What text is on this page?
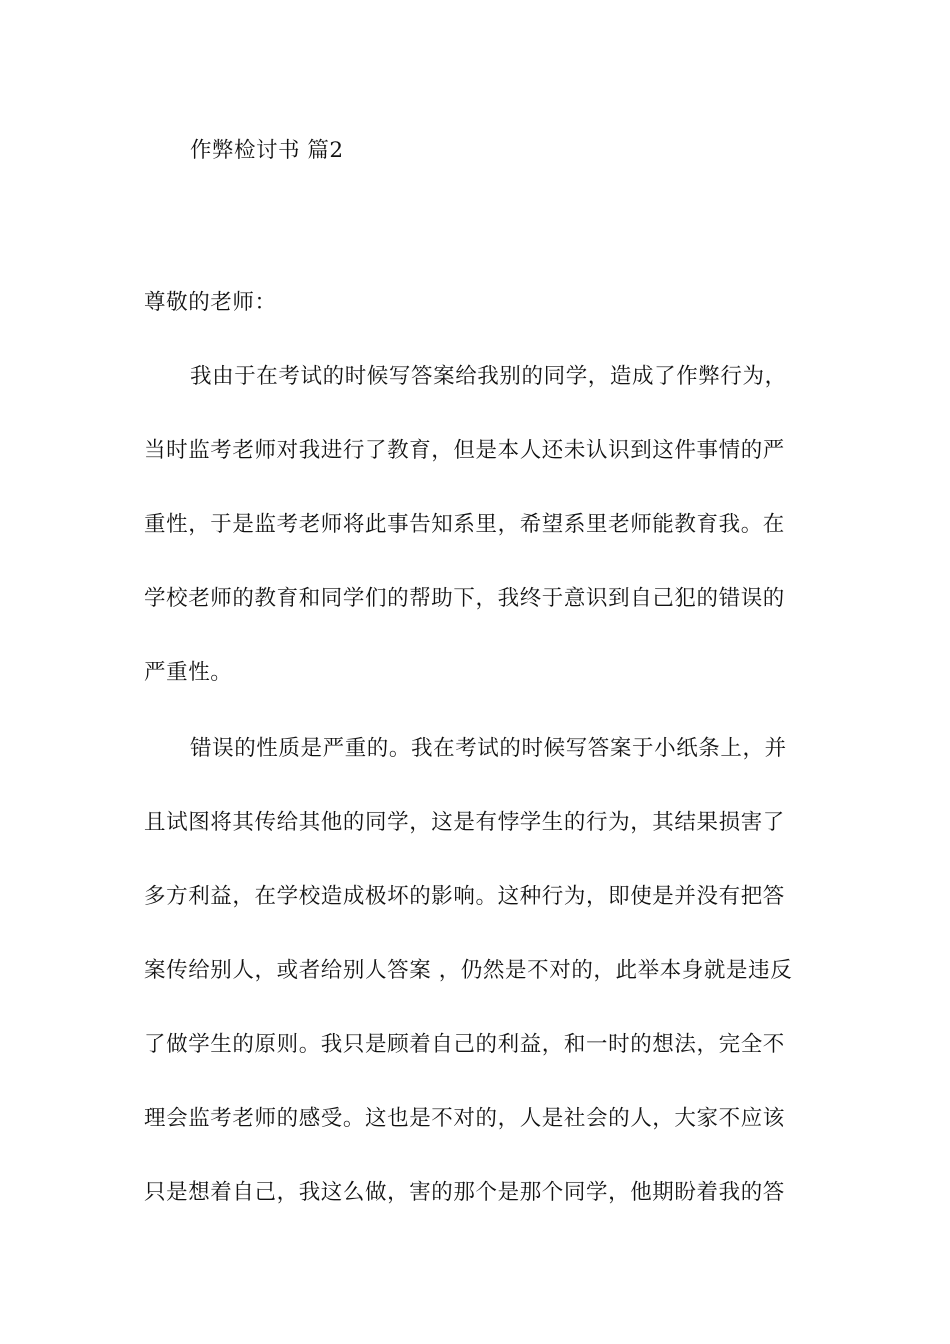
作弊检讨书 篇2
尊敬的老师：
我由于在考试的时候写答案给我别的同学，造成了作弊行为，
当时监考老师对我进行了教育，但是本人还未认识到这件事情的严
重性，于是监考老师将此事告知系里，希望系里老师能教育我。在
学校老师的教育和同学们的帮助下，我终于意识到自己犯的错误的
严重性。
错误的性质是严重的。我在考试的时候写答案于小纸条上，并
且试图将其传给其他的同学，这是有悖学生的行为，其结果损害了
多方利益，在学校造成极坏的影响。这种行为，即使是并没有把答
案传给别人，或者给别人答案 ，仍然是不对的，此举本身就是违反
了做学生的原则。我只是顾着自己的利益，和一时的想法，完全不
理会监考老师的感受。这也是不对的，人是社会的人，大家不应该
只是想着自己，我这么做，害的那个是那个同学，他期盼着我的答
